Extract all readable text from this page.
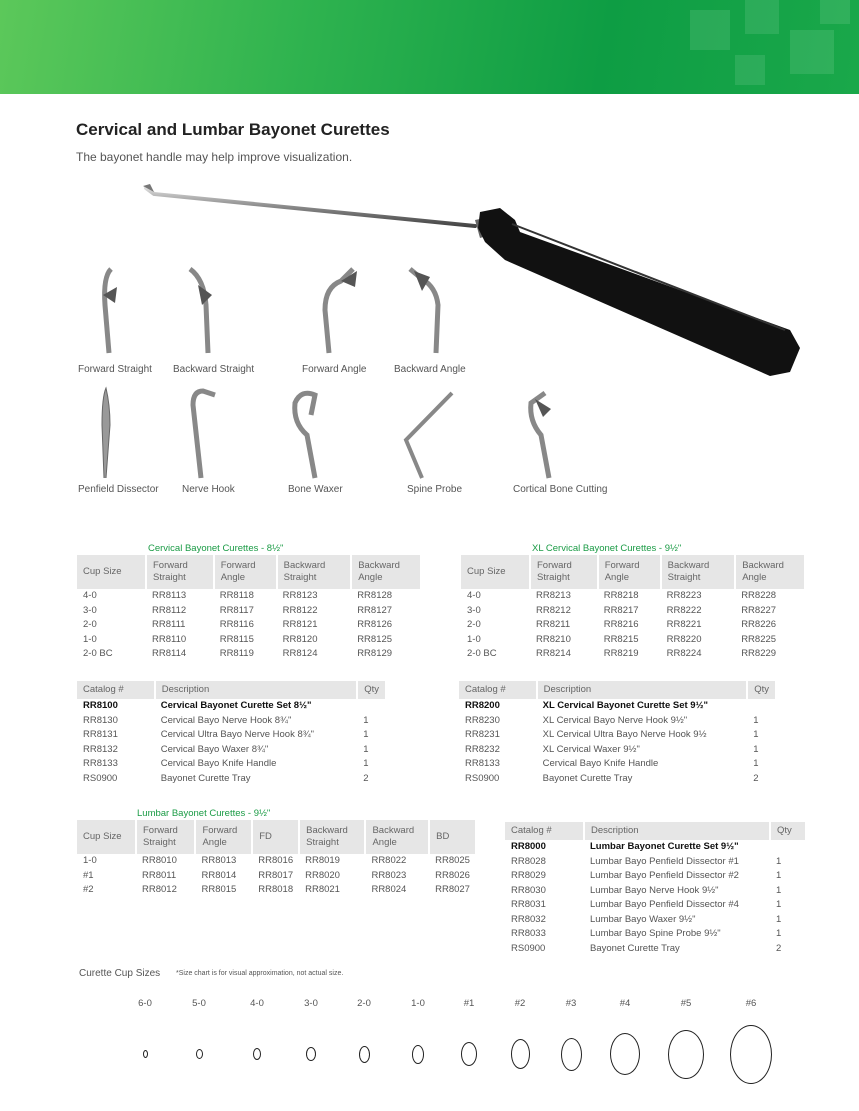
Cervical and Lumbar Bayonet Curettes
The bayonet handle may help improve visualization.
Forward Straight Backward Straight	Forward Angle	Backward Angle
Penfield Dissector Nerve Hook	Bone Waxer	Spine Probe	Cortical Bone Cutting
Cervical Bayonet Curettes - 8½"
Cup Size	Forward Straight	Forward Angle	Backward Straight	Backward Angle
4-0	RR8113	RR8118	RR8123	RR8128
3-0	RR8112	RR8117	RR8122	RR8127
2-0	RR8111	RR8116	RR8121	RR8126
1-0	RR8110	RR8115	RR8120	RR8125
2-0 BC	RR8114	RR8119	RR8124	RR8129
XL Cervical Bayonet Curettes - 9½"
Cup Size	Forward Straight	Forward Angle	Backward Straight	Backward Angle
4-0	RR8213	RR8218	RR8223	RR8228
3-0	RR8212	RR8217	RR8222	RR8227
2-0	RR8211	RR8216	RR8221	RR8226
1-0	RR8210	RR8215	RR8220	RR8225
2-0 BC	RR8214	RR8219	RR8224	RR8229
Catalog #	Description	Qty
RR8100	Cervical Bayonet Curette Set 8½"	
RR8130	Cervical Bayo Nerve Hook 8¾"	1
RR8131	Cervical Ultra Bayo Nerve Hook 8¾"	1
RR8132	Cervical Bayo Waxer 8¾"	1
RR8133	Cervical Bayo Knife Handle	1
RS0900	Bayonet Curette Tray	2
Catalog #	Description	Qty
RR8200	XL Cervical Bayonet Curette Set 9½"	
RR8230	XL Cervical Bayo Nerve Hook 9½"	1
RR8231	XL Cervical Ultra Bayo Nerve Hook 9½	1
RR8232	XL Cervical Waxer 9½"	1
RR8133	Cervical Bayo Knife Handle	1
RS0900	Bayonet Curette Tray	2
Lumbar Bayonet Curettes - 9½"
Cup Size	Forward Straight	Forward Angle	FD	Backward Straight	Backward Angle	BD
1-0	RR8010	RR8013	RR8016	RR8019	RR8022	RR8025
#1	RR8011	RR8014	RR8017	RR8020	RR8023	RR8026
#2	RR8012	RR8015	RR8018	RR8021	RR8024	RR8027
Catalog #	Description	Qty
RR8000	Lumbar Bayonet Curette Set 9½"	
RR8028	Lumbar Bayo Penfield Dissector #1	1
RR8029	Lumbar Bayo Penfield Dissector #2	1
RR8030	Lumbar Bayo Nerve Hook 9½"	1
RR8031	Lumbar Bayo Penfield Dissector #4	1
RR8032	Lumbar Bayo Waxer 9½"	1
RR8033	Lumbar Bayo Spine Probe 9½"	1
RS0900	Bayonet Curette Tray	2
Curette Cup Sizes *Size chart is for visual approximation, not actual size.
6-0	5-0	4-0	3-0	2-0	1-0	#1	#2	#3	#4	#5	#6
